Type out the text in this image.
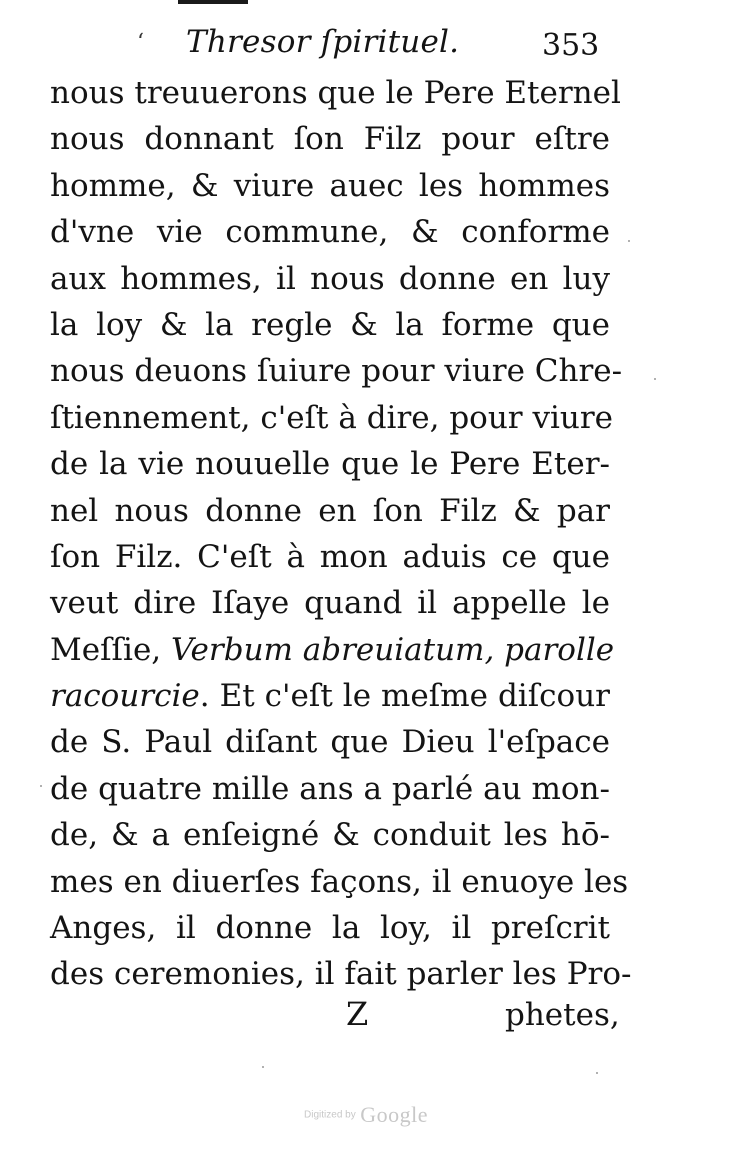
‘ Thresor ſpirituel.	353
nous treuuerons que le Pere Eternel
nous donnant ſon Filz pour eſtre
homme, & viure auec les hommes
d'vne vie commune, & conforme
aux hommes, il nous donne en luy
la loy & la regle & la forme que
nous deuons ſuiure pour viure Chre-
ſtiennement, c'eſt à dire, pour viure
de la vie nouuelle que le Pere Eter-
nel nous donne en ſon Filz & par
ſon Filz. C'eſt à mon aduis ce que
veut dire Iſaye quand il appelle le
Meſſie, Verbum abreuiatum, parolle
racourcie. Et c'eſt le meſme diſcour
de S. Paul diſant que Dieu l'eſpace
de quatre mille ans a parlé au mon-
de, & a enſeigné & conduit les hō-
mes en diuerſes façons, il enuoye les
Anges, il donne la loy, il preſcrit
des ceremonies, il fait parler les Pro-
Z	phetes,
Digitized by Google
